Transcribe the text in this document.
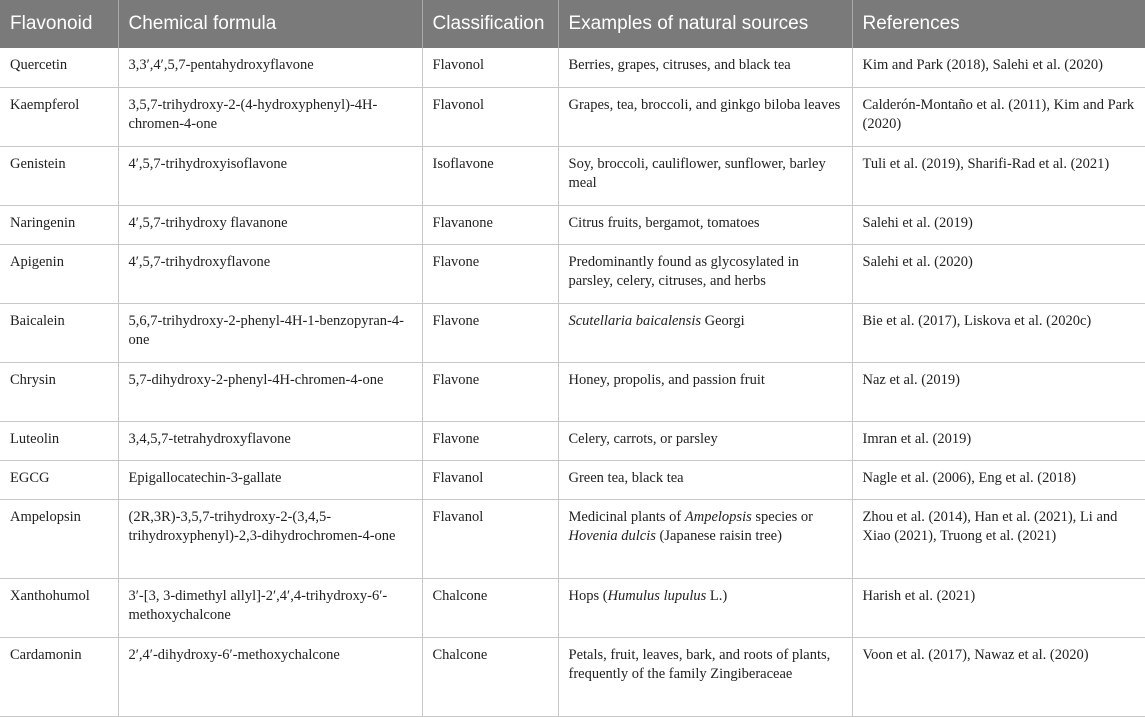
Flavonoid	Chemical formula	Classification	Examples of natural sources	References
Quercetin	3,3′,4′,5,7-pentahydroxyflavone	Flavonol	Berries, grapes, citruses, and black tea	Kim and Park (2018), Salehi et al. (2020)
Kaempferol	3,5,7-trihydroxy-2-(4-hydroxyphenyl)-4H-chromen-4-one	Flavonol	Grapes, tea, broccoli, and ginkgo biloba leaves	Calderón-Montaño et al. (2011), Kim and Park (2020)
Genistein	4′,5,7-trihydroxyisoflavone	Isoflavone	Soy, broccoli, cauliflower, sunflower, barley meal	Tuli et al. (2019), Sharifi-Rad et al. (2021)
Naringenin	4′,5,7-trihydroxy flavanone	Flavanone	Citrus fruits, bergamot, tomatoes	Salehi et al. (2019)
Apigenin	4′,5,7-trihydroxyflavone	Flavone	Predominantly found as glycosylated in parsley, celery, citruses, and herbs	Salehi et al. (2020)
Baicalein	5,6,7-trihydroxy-2-phenyl-4H-1-benzopyran-4-one	Flavone	Scutellaria baicalensis Georgi	Bie et al. (2017), Liskova et al. (2020c)
Chrysin	5,7-dihydroxy-2-phenyl-4H-chromen-4-one	Flavone	Honey, propolis, and passion fruit	Naz et al. (2019)
Luteolin	3,4,5,7-tetrahydroxyflavone	Flavone	Celery, carrots, or parsley	Imran et al. (2019)
EGCG	Epigallocatechin-3-gallate	Flavanol	Green tea, black tea	Nagle et al. (2006), Eng et al. (2018)
Ampelopsin	(2R,3R)-3,5,7-trihydroxy-2-(3,4,5-trihydroxyphenyl)-2,3-dihydrochromen-4-one	Flavanol	Medicinal plants of Ampelopsis species or Hovenia dulcis (Japanese raisin tree)	Zhou et al. (2014), Han et al. (2021), Li and Xiao (2021), Truong et al. (2021)
Xanthohumol	3′-[3, 3-dimethyl allyl]-2′,4′,4-trihydroxy-6′-methoxychalcone	Chalcone	Hops (Humulus lupulus L.)	Harish et al. (2021)
Cardamonin	2′,4′-dihydroxy-6′-methoxychalcone	Chalcone	Petals, fruit, leaves, bark, and roots of plants, frequently of the family Zingiberaceae	Voon et al. (2017), Nawaz et al. (2020)
